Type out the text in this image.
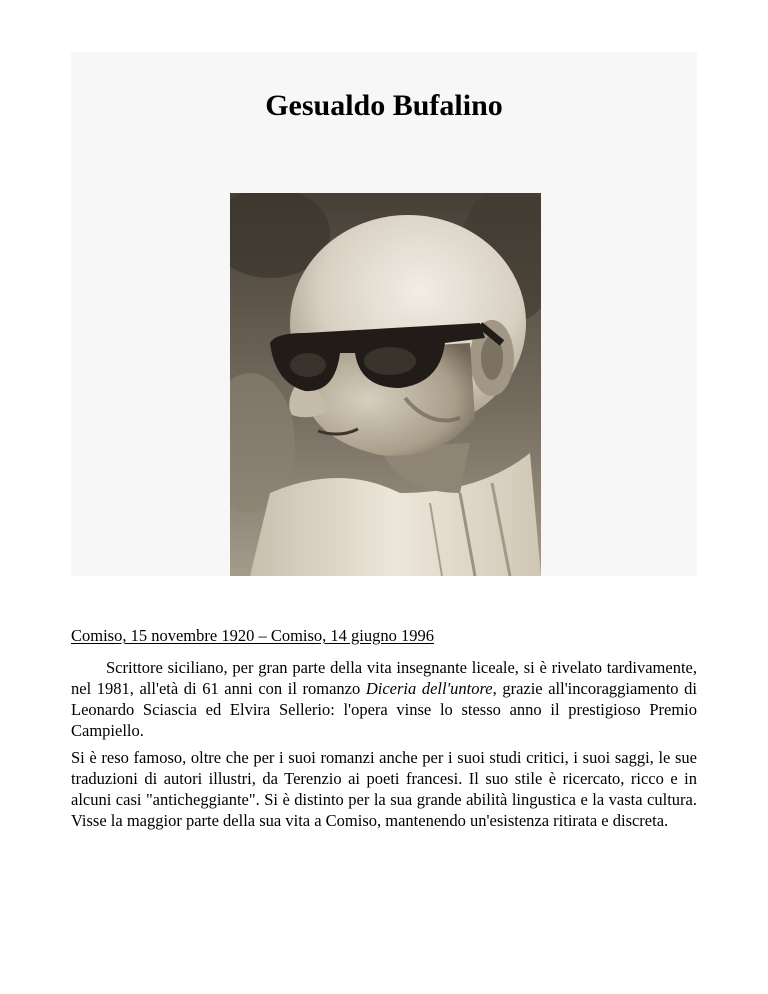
Gesualdo Bufalino
Comiso, 15 novembre 1920 – Comiso, 14 giugno 1996

Scrittore siciliano, per gran parte della vita insegnante liceale, si è rivelato tardivamente, nel 1981, all'età di 61 anni con il romanzo Diceria dell'untore, grazie all'incoraggiamento di Leonardo Sciascia ed Elvira Sellerio: l'opera vinse lo stesso anno il prestigioso Premio Campiello.

Si è reso famoso, oltre che per i suoi romanzi anche per i suoi studi critici, i suoi saggi, le sue traduzioni di autori illustri, da Terenzio ai poeti francesi. Il suo stile è ricercato, ricco e in alcuni casi "anticheggiante". Si è distinto per la sua grande abilità lingustica e la vasta cultura. Visse la maggior parte della sua vita a Comiso, mantenendo un'esistenza ritirata e discreta.
